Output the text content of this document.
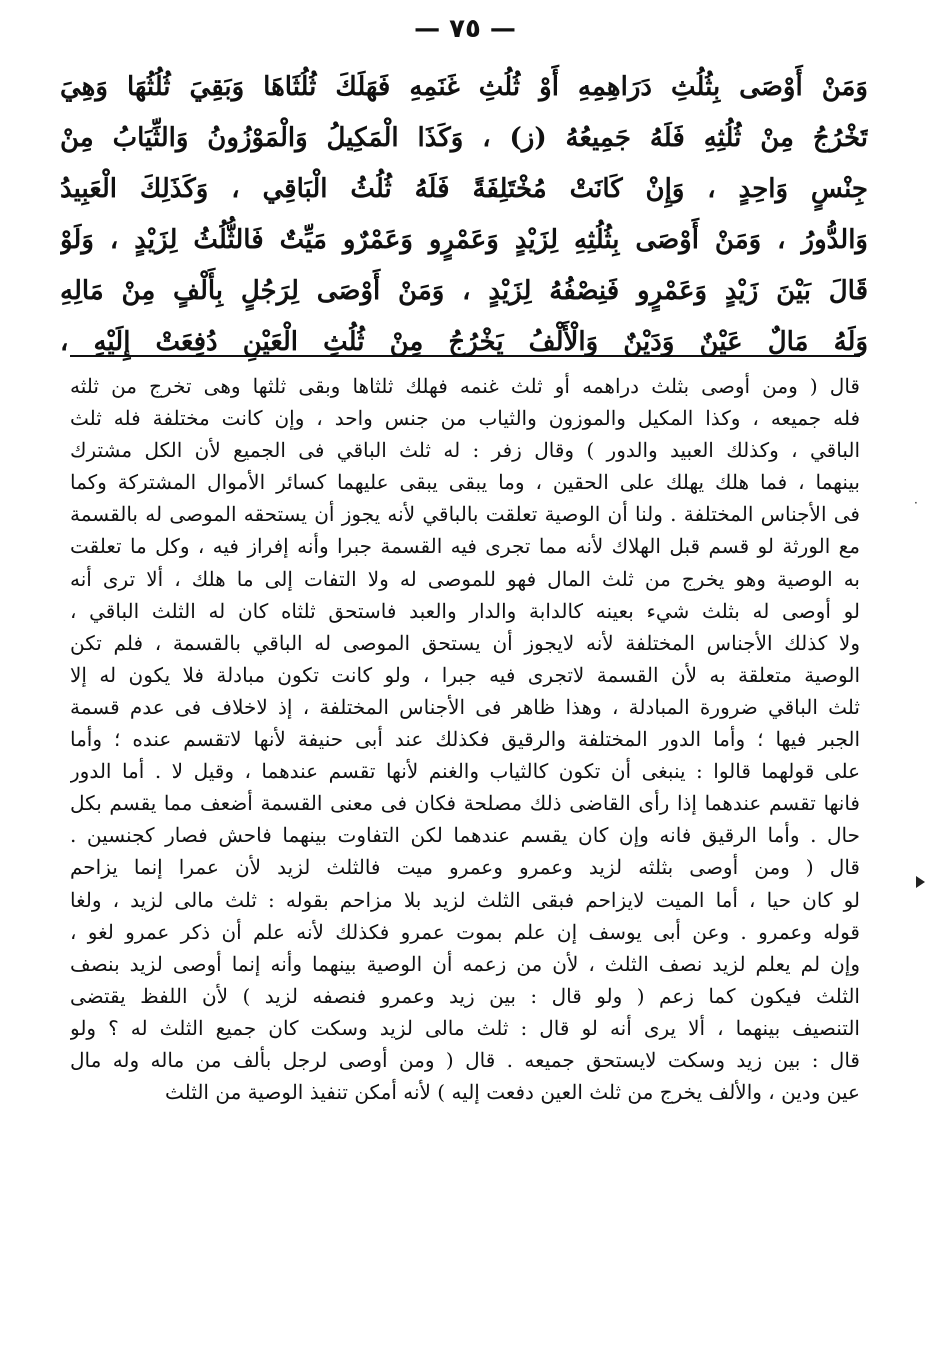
— ٧٥ —
وَمَنْ أَوْصَى بِثُلُثِ دَرَاهِمِهِ أَوْ ثُلُثِ غَنَمِهِ فَهَلَكَ ثُلُثَاهَا وَبَقِيَ ثُلُثُهَا وَهِيَ
تَخْرُجُ مِنْ ثُلُثِهِ فَلَهُ جَمِيعُهُ (ز) ، وَكَذَا الْمَكِيلُ وَالْمَوْزُونُ وَالثِّيَابُ مِنْ
جِنْسٍ وَاحِدٍ ، وَإِنْ كَانَتْ مُخْتَلِفَةً فَلَهُ ثُلُثُ الْبَاقِي ، وَكَذَلِكَ الْعَبِيدُ
وَالدُّورُ ، وَمَنْ أَوْصَى بِثُلُثِهِ لِزَيْدٍ وَعَمْرٍو وَعَمْرٌو مَيِّتٌ فَالثُّلُثُ لِزَيْدٍ ، وَلَوْ
قَالَ بَيْنَ زَيْدٍ وَعَمْرٍو فَنِصْفُهُ لِزَيْدٍ ، وَمَنْ أَوْصَى لِرَجُلٍ بِأَلْفٍ مِنْ مَالِهِ
وَلَهُ مَالٌ عَيْنٌ وَدَيْنٌ وَالْأَلْفُ يَخْرُجُ مِنْ ثُلُثِ الْعَيْنِ دُفِعَتْ إِلَيْهِ ،
قال ( ومن أوصى بثلث دراهمه أو ثلث غنمه فهلك ثلثاها وبقى ثلثها وهى تخرج من ثلثه
فله جميعه ، وكذا المكيل والموزون والثياب من جنس واحد ، وإن كانت مختلفة فله ثلث
الباقي ، وكذلك العبيد والدور ) وقال زفر : له ثلث الباقي فى الجميع لأن الكل مشترك
بينهما ، فما هلك يهلك على الحقين ، وما يبقى يبقى عليهما كسائر الأموال المشتركة وكما
فى الأجناس المختلفة . ولنا أن الوصية تعلقت بالباقي لأنه يجوز أن يستحقه الموصى له بالقسمة
مع الورثة لو قسم قبل الهلاك لأنه مما تجرى فيه القسمة جبرا وأنه إفراز فيه ، وكل ما تعلقت
به الوصية وهو يخرج من ثلث المال فهو للموصى له ولا التفات إلى ما هلك ، ألا ترى أنه
لو أوصى له بثلث شيء بعينه كالدابة والدار والعبد فاستحق ثلثاه كان له الثلث الباقي ،
ولا كذلك الأجناس المختلفة لأنه لايجوز أن يستحق الموصى له الباقي بالقسمة ، فلم تكن
الوصية متعلقة به لأن القسمة لاتجرى فيه جبرا ، ولو كانت تكون مبادلة فلا يكون له إلا
ثلث الباقي ضرورة المبادلة ، وهذا ظاهر فى الأجناس المختلفة ، إذ لاخلاف فى عدم قسمة
الجبر فيها ؛ وأما الدور المختلفة والرقيق فكذلك عند أبى حنيفة لأنها لاتقسم عنده ؛ وأما
على قولهما قالوا : ينبغى أن تكون كالثياب والغنم لأنها تقسم عندهما ، وقيل لا . أما الدور
فانها تقسم عندهما إذا رأى القاضى ذلك مصلحة فكان فى معنى القسمة أضعف مما يقسم بكل
حال . وأما الرقيق فانه وإن كان يقسم عندهما لكن التفاوت بينهما فاحش فصار كجنسين .
قال ( ومن أوصى بثلثه لزيد وعمرو وعمرو ميت فالثلث لزيد لأن عمرا إنما يزاحم
لو كان حيا ، أما الميت لايزاحم فبقى الثلث لزيد بلا مزاحم بقوله : ثلث مالى لزيد ، ولغا
قوله وعمرو . وعن أبى يوسف إن علم بموت عمرو فكذلك لأنه علم أن ذكر عمرو لغو ،
وإن لم يعلم لزيد نصف الثلث ، لأن من زعمه أن الوصية بينهما وأنه إنما أوصى لزيد بنصف
الثلث فيكون كما زعم ( ولو قال : بين زيد وعمرو فنصفه لزيد ) لأن اللفظ يقتضى
التنصيف بينهما ، ألا يرى أنه لو قال : ثلث مالى لزيد وسكت كان جميع الثلث له ؟ ولو
قال : بين زيد وسكت لايستحق جميعه . قال ( ومن أوصى لرجل بألف من ماله وله مال
عين ودين ، والألف يخرج من ثلث العين دفعت إليه ) لأنه أمكن تنفيذ الوصية من الثلث
·
